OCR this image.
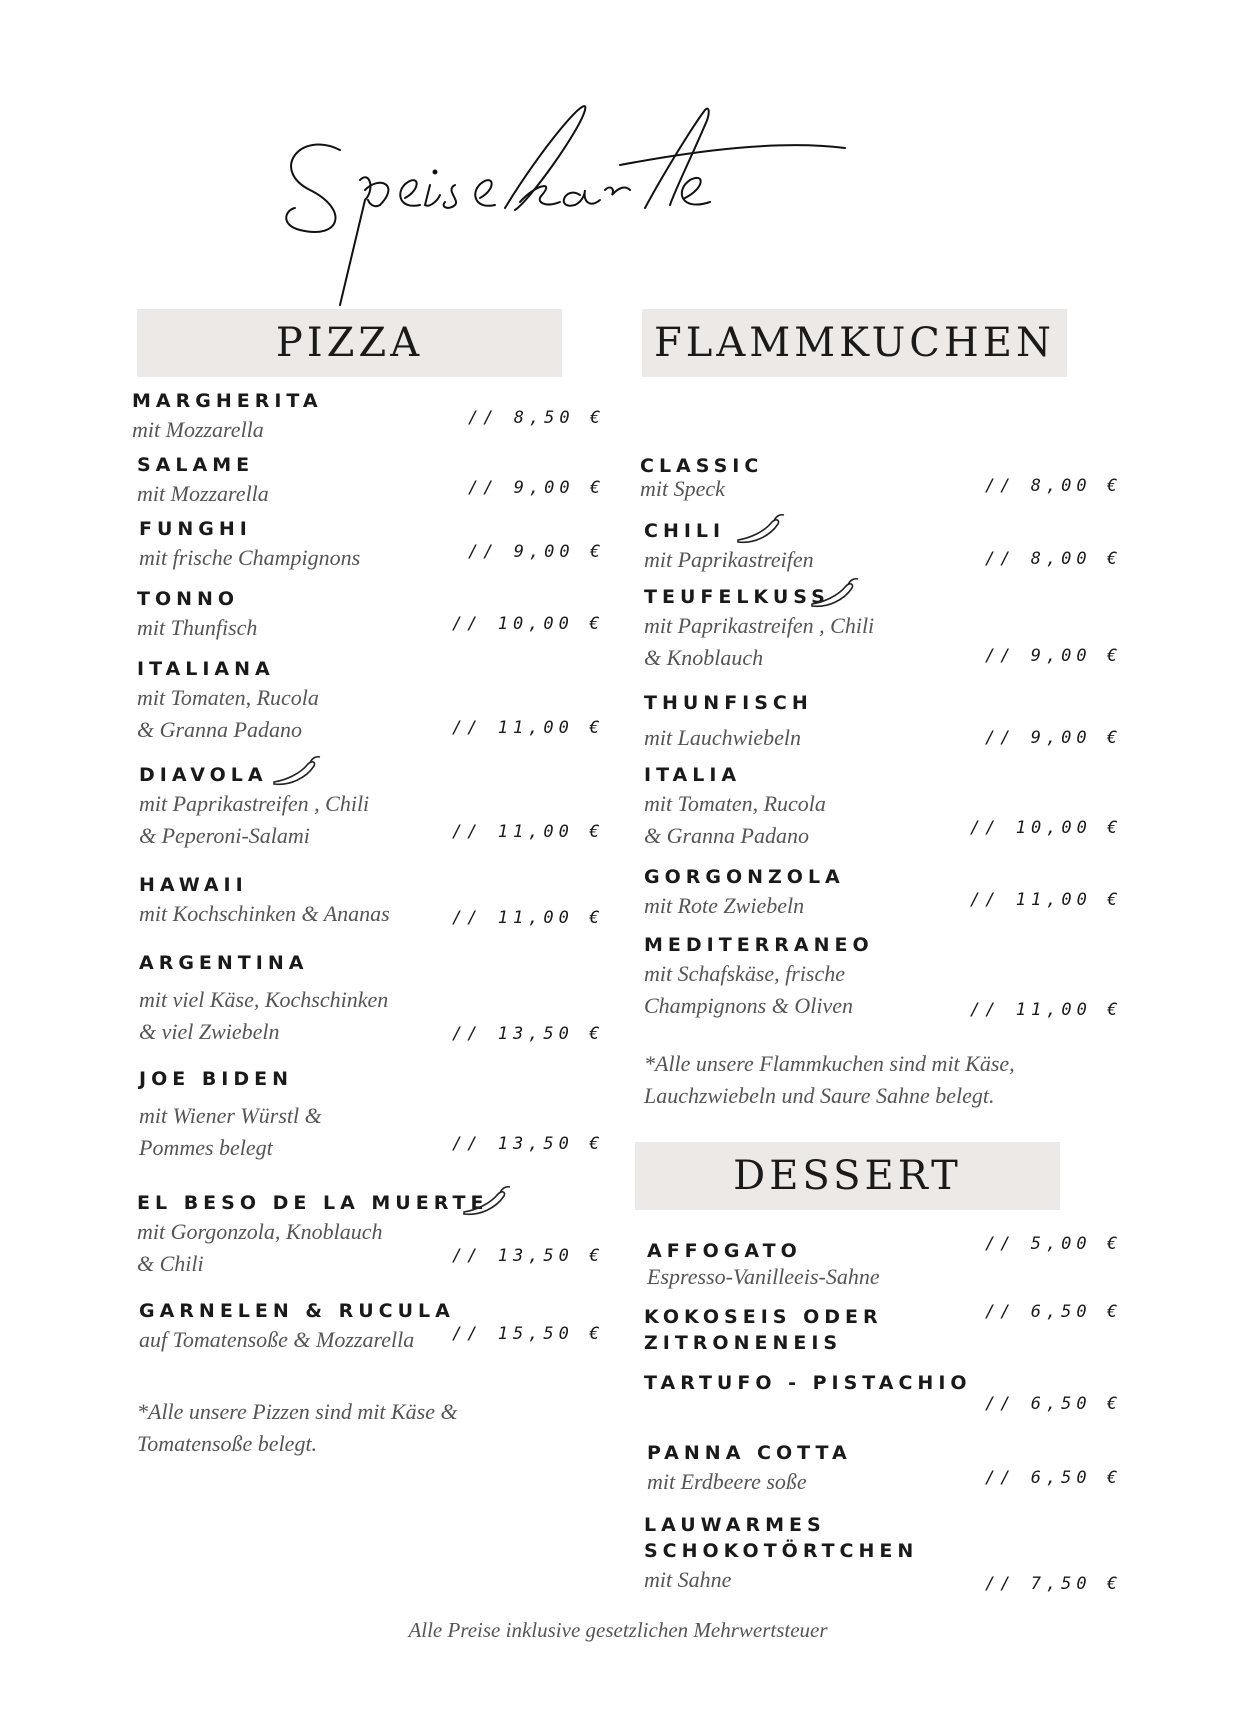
PIZZA	FLAMMKUCHEN
DESSERT
MARGHERITA
mit Mozzarella	// 8,50 €
SALAME
mit Mozzarella	// 9,00 €
FUNGHI
mit frische Champignons	// 9,00 €
TONNO
mit Thunfisch	// 10,00 €
ITALIANA
mit Tomaten, Rucola
& Granna Padano	// 11,00 €
DIAVOLA
mit Paprikastreifen , Chili
& Peperoni-Salami	// 11,00 €
HAWAII
mit Kochschinken & Ananas	// 11,00 €
ARGENTINA
mit viel Käse, Kochschinken
& viel Zwiebeln	// 13,50 €
JOE BIDEN
mit Wiener Würstl &
Pommes belegt	// 13,50 €
EL BESO DE LA MUERTE
mit Gorgonzola, Knoblauch
& Chili	// 13,50 €
GARNELEN & RUCULA
auf Tomatensoße & Mozzarella	// 15,50 €
*Alle unsere Pizzen sind mit Käse &
Tomatensoße belegt.
CLASSIC
mit Speck	// 8,00 €
CHILI
mit Paprikastreifen	// 8,00 €
TEUFELKUSS
mit Paprikastreifen , Chili
& Knoblauch	// 9,00 €
THUNFISCH
mit Lauchwiebeln	// 9,00 €
ITALIA
mit Tomaten, Rucola
& Granna Padano	// 10,00 €
GORGONZOLA
mit Rote Zwiebeln	// 11,00 €
MEDITERRANEO
mit Schafskäse, frische
Champignons & Oliven	// 11,00 €
*Alle unsere Flammkuchen sind mit Käse,
Lauchzwiebeln und Saure Sahne belegt.
AFFOGATO
Espresso-Vanilleeis-Sahne
// 5,00 €
KOKOSEIS ODER
ZITRONENEIS
// 6,50 €
TARTUFO - PISTACHIO
// 6,50 €
PANNA COTTA
mit Erdbeere soße	// 6,50 €
LAUWARMES
SCHOKOTÖRTCHEN
mit Sahne	// 7,50 €
Alle Preise inklusive gesetzlichen Mehrwertsteuer
